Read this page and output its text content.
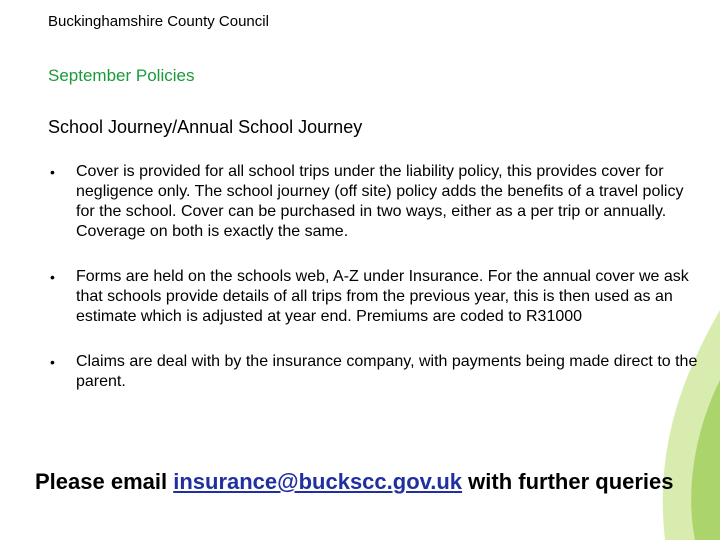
Buckinghamshire County Council
September Policies
School Journey/Annual School Journey
• Cover is provided for all school trips under the liability policy, this provides cover for negligence only. The school journey (off site) policy adds the benefits of a travel policy for the school. Cover can be purchased in two ways, either as a per trip or annually. Coverage on both is exactly the same.
• Forms are held on the schools web, A-Z under Insurance. For the annual cover we ask that schools provide details of all trips from the previous year, this is then used as an estimate which is adjusted at year end. Premiums are coded to R31000
• Claims are deal with by the insurance company, with payments being made direct to the parent.
Please email insurance@buckscc.gov.uk with further queries
